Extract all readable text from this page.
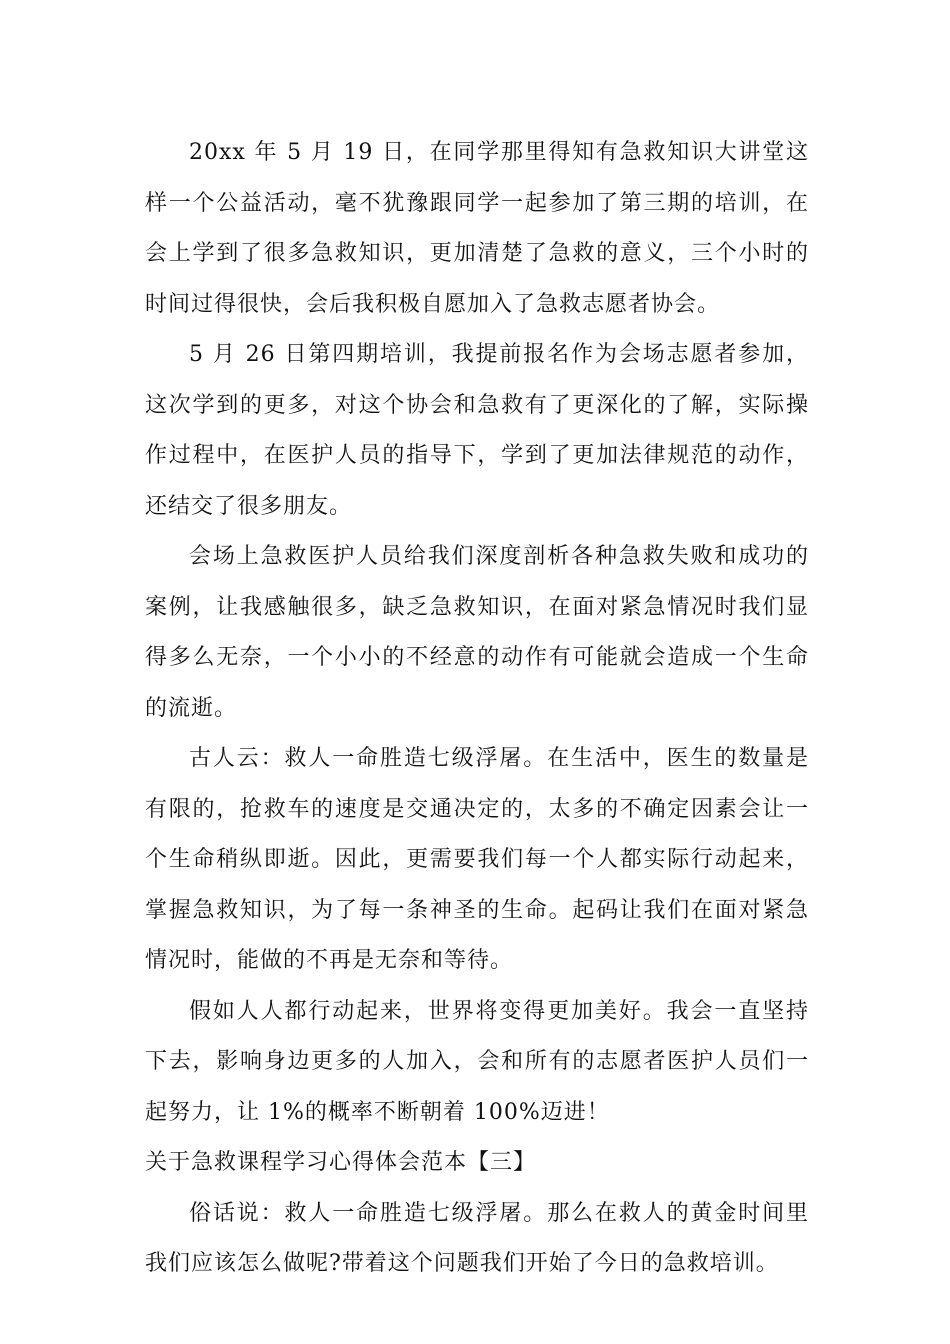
20xx 年 5 月 19 日，在同学那里得知有急救知识大讲堂这样一个公益活动，毫不犹豫跟同学一起参加了第三期的培训，在会上学到了很多急救知识，更加清楚了急救的意义，三个小时的时间过得很快，会后我积极自愿加入了急救志愿者协会。

5 月 26 日第四期培训，我提前报名作为会场志愿者参加，这次学到的更多，对这个协会和急救有了更深化的了解，实际操作过程中，在医护人员的指导下，学到了更加法律规范的动作，还结交了很多朋友。

会场上急救医护人员给我们深度剖析各种急救失败和成功的案例，让我感触很多，缺乏急救知识，在面对紧急情况时我们显得多么无奈，一个小小的不经意的动作有可能就会造成一个生命的流逝。

古人云：救人一命胜造七级浮屠。在生活中，医生的数量是有限的，抢救车的速度是交通决定的，太多的不确定因素会让一个生命稍纵即逝。因此，更需要我们每一个人都实际行动起来，掌握急救知识，为了每一条神圣的生命。起码让我们在面对紧急情况时，能做的不再是无奈和等待。

假如人人都行动起来，世界将变得更加美好。我会一直坚持下去，影响身边更多的人加入，会和所有的志愿者医护人员们一起努力，让 1%的概率不断朝着 100%迈进！

关于急救课程学习心得体会范本【三】

俗话说：救人一命胜造七级浮屠。那么在救人的黄金时间里我们应该怎么做呢?带着这个问题我们开始了今日的急救培训。
